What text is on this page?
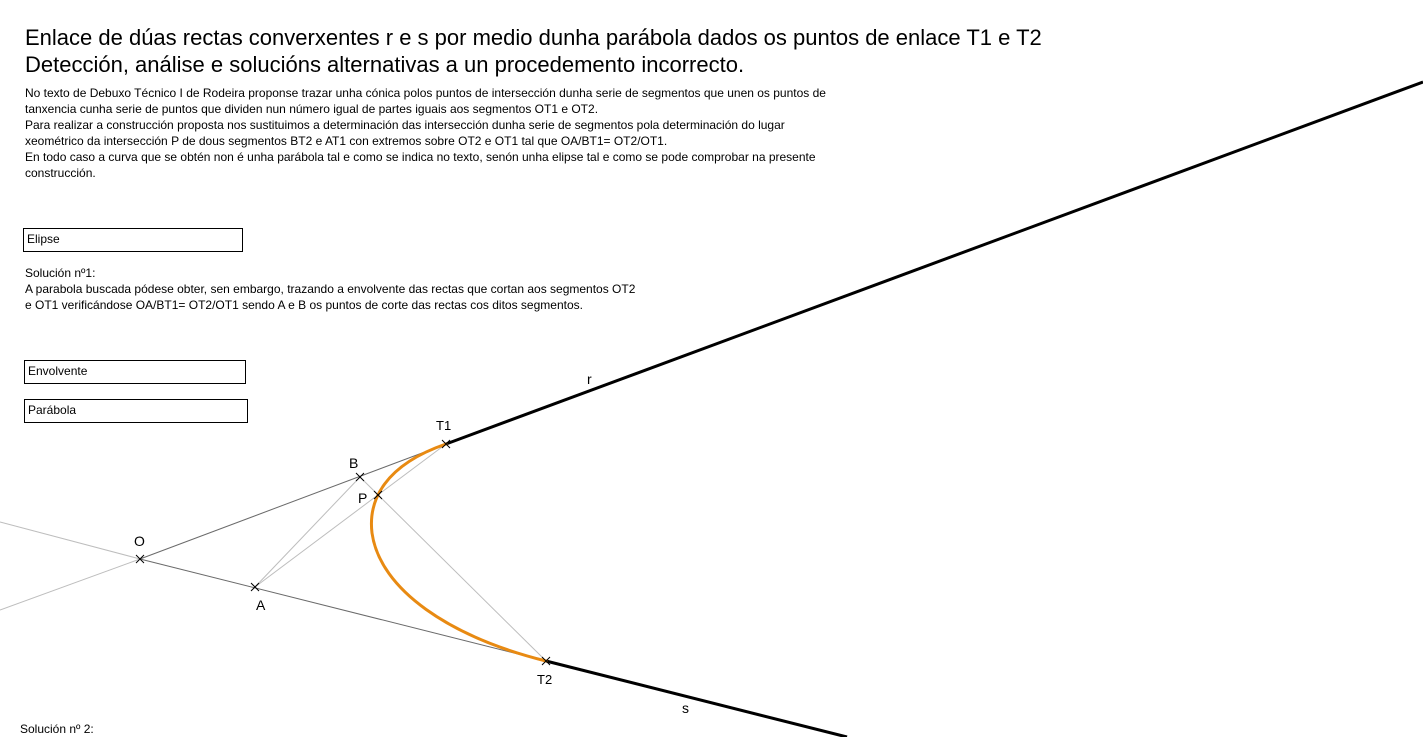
r
s
T1
T2
B
P
O
A
Enlace de dúas rectas converxentes r e s por medio dunha parábola dados os puntos de enlace T1 e T2
Detección, análise e solucións alternativas a un procedemento incorrecto.

No texto de Debuxo Técnico I de Rodeira proponse trazar unha cónica polos puntos de intersección dunha serie de segmentos que unen os puntos de
tanxencia cunha serie de puntos que dividen nun número igual de partes iguais aos segmentos OT1 e OT2.
Para realizar a construcción proposta nos sustituimos a determinación das intersección dunha serie de segmentos pola determinación do lugar
xeométrico da intersección P de dous segmentos BT2 e AT1 con extremos sobre OT2 e OT1 tal que OA/BT1= OT2/OT1.
En todo caso a curva que se obtén non é unha parábola tal e como se indica no texto, senón unha elipse tal e como se pode comprobar na presente
construcción.

Elipse

Solución nº1:
A parabola buscada pódese obter, sen embargo, trazando a envolvente das rectas que cortan aos segmentos OT2
e OT1 verificándose OA/BT1= OT2/OT1 sendo A e B os puntos de corte das rectas cos ditos segmentos.

Envolvente
Parábola
Solución nº 2:
